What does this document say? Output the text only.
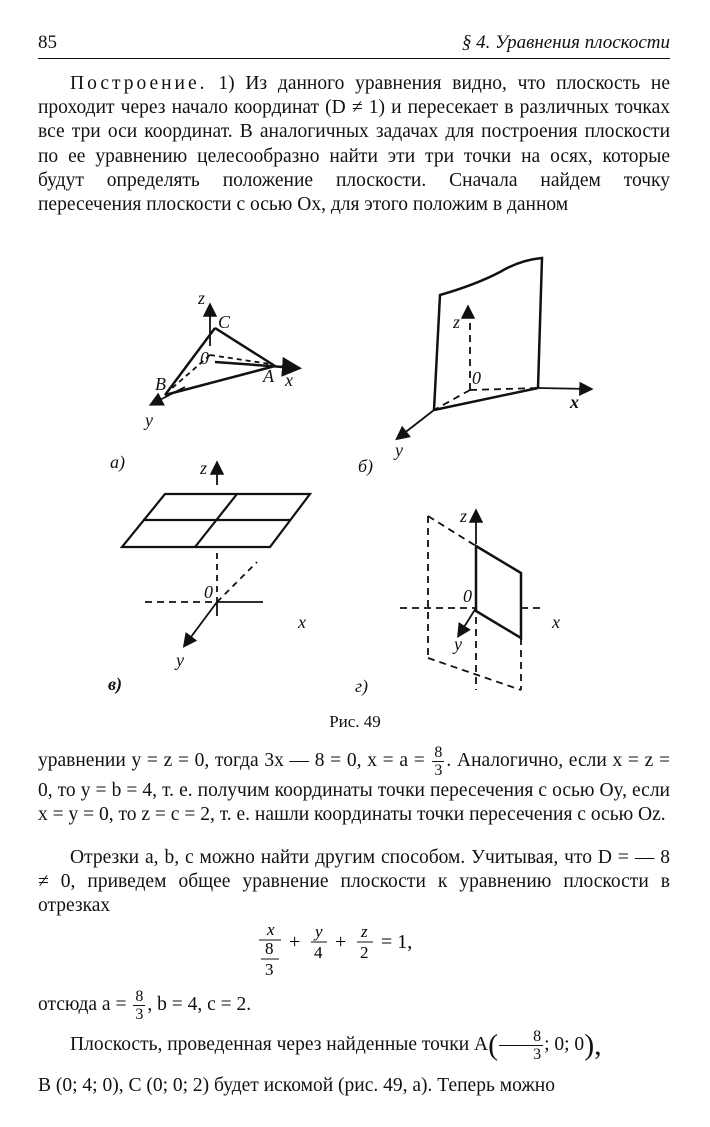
85	§ 4. Уравнения плоскости
Построение. 1) Из данного уравнения видно, что плоскость не проходит через начало координат (D ≠ 1) и пересекает в различных точках все три оси координат. В аналогичных задачах для построения плоскости по ее уравнению целесообразно найти эти три точки на осях, которые будут определять положение плоскости. Сначала найдем точку пересечения плоскости с осью Ox, для этого положим в данном
z
C
0
B	A x
y
а)
z
0
x
y
б)
z
0
x
y
в)
z
0
x
y
г)
Рис. 49
уравнении y = z = 0, тогда 3x — 8 = 0, $x = a = \frac{8}{3}$ . Аналогично, если x = z = 0, то y = b = 4, т. е. получим координаты точки пересечения с осью Oy, если x = y = 0, то z = c = 2, т. е. нашли координаты точки пересечения с осью Oz.
Отрезки a, b, c можно найти другим способом. Учитывая, что D = — 8 ≠ 0, приведем общее уравнение плоскости к уравнению плоскости в отрезках
x
8
3
+ y
4 + z
2 = 1,
отсюда $a = \frac{8}{3}$ , b = 4, c = 2.
Плоскость, проведенная через найденные точки $A( \frac{8}{3}$ ; 0; 0),
B (0; 4; 0), C (0; 0; 2) будет искомой (рис. 49, а). Теперь можно
